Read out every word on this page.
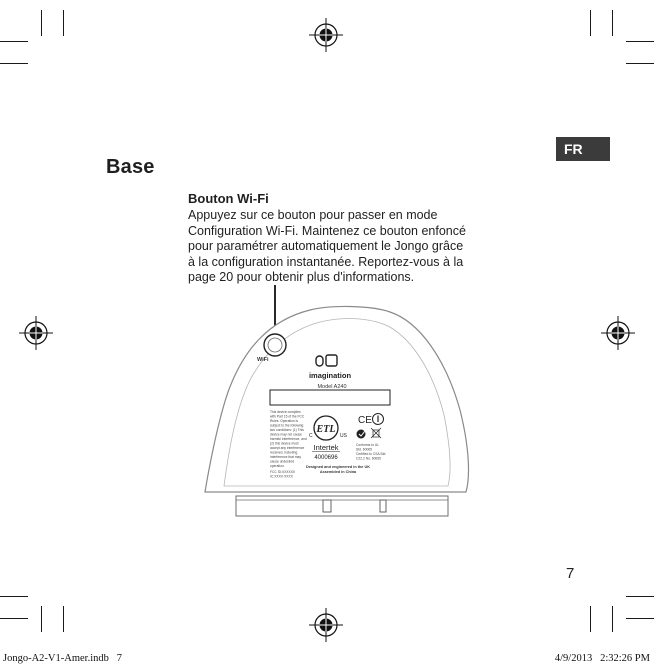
FR
Base
Bouton Wi-Fi
Appuyez sur ce bouton pour passer en mode Configuration Wi-Fi. Maintenez ce bouton enfoncé pour paramétrer automatiquement le Jongo grâce à la configuration instantanée. Reportez-vous à la page 20 pour obtenir plus d'informations.
WiFi
imagination
Model A240
This device complies
with Part 15 of the FCC
Rules. Operation is
subject to the following
two conditions: (1) This
device may not cause
harmful interference, and
(2) this device must
accept any interference
received, including
interference that may
cause undesired
operation.
FCC ID:XXXXXX
IC:XXXX-XXXX
ETL
C	US
Intertek
4000696
CE
Conforms to UL
Std. 60065
Certified to CSA Std.
C22.2 No. 60065
Designed and engineered in the UK
Assembled in China
7
Jongo-A2-V1-Amer.indb   7	4/9/2013   2:32:26 PM
